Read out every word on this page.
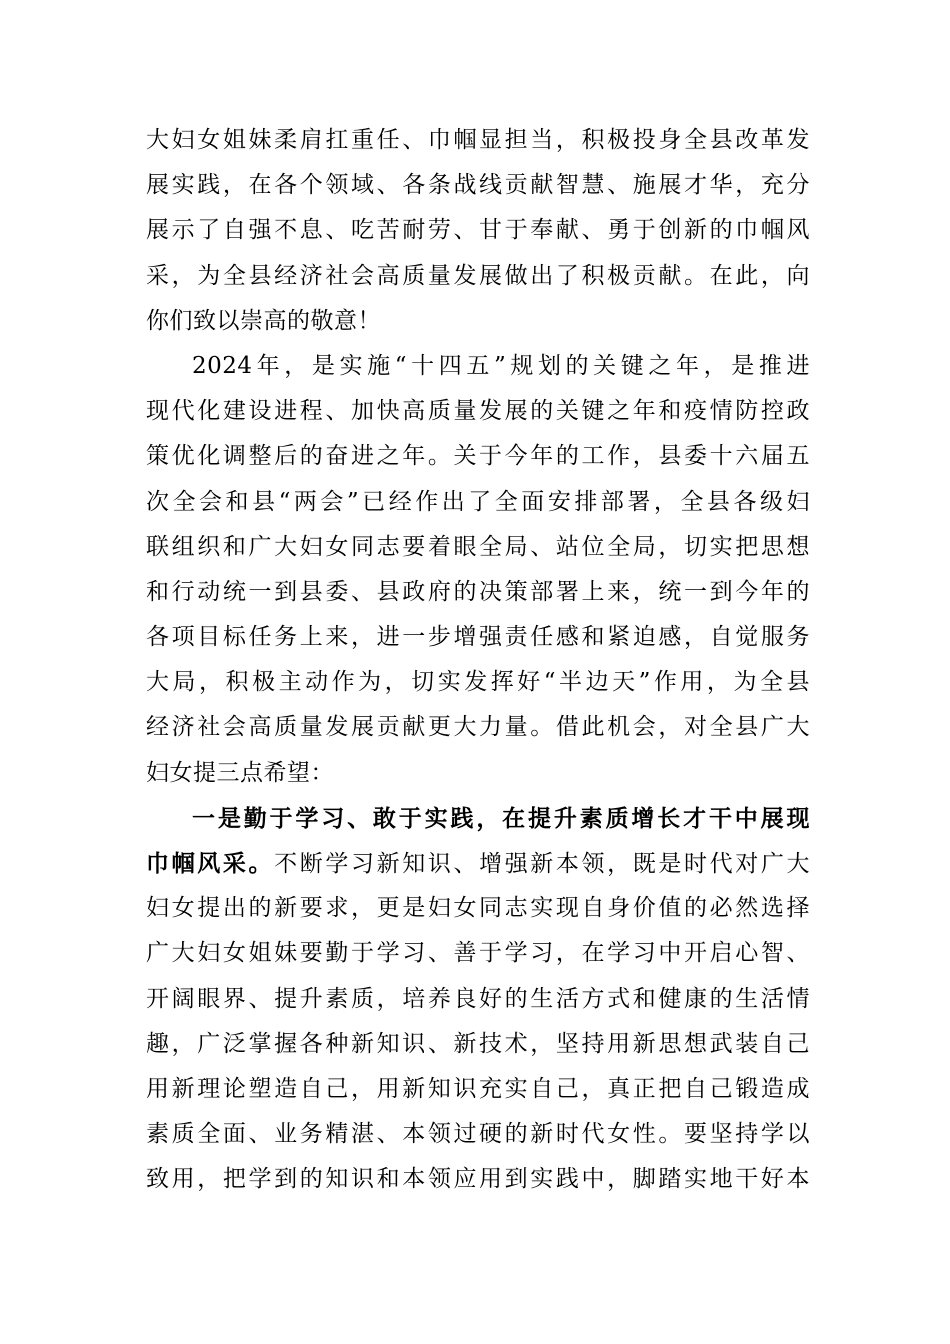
大妇女姐妹柔肩扛重任、巾帼显担当，积极投身全县改革发
展实践，在各个领域、各条战线贡献智慧、施展才华，充分
展示了自强不息、吃苦耐劳、甘于奉献、勇于创新的巾帼风
采，为全县经济社会高质量发展做出了积极贡献。在此，向
你们致以崇高的敬意！
2024年，是实施“十四五”规划的关键之年，是推进
现代化建设进程、加快高质量发展的关键之年和疫情防控政
策优化调整后的奋进之年。关于今年的工作，县委十六届五
次全会和县“两会”已经作出了全面安排部署，全县各级妇
联组织和广大妇女同志要着眼全局、站位全局，切实把思想
和行动统一到县委、县政府的决策部署上来，统一到今年的
各项目标任务上来，进一步增强责任感和紧迫感，自觉服务
大局，积极主动作为，切实发挥好“半边天”作用，为全县
经济社会高质量发展贡献更大力量。借此机会，对全县广大
妇女提三点希望：
一是勤于学习、敢于实践，在提升素质增长才干中展现
巾帼风采。不断学习新知识、增强新本领，既是时代对广大
妇女提出的新要求，更是妇女同志实现自身价值的必然选择
广大妇女姐妹要勤于学习、善于学习，在学习中开启心智、
开阔眼界、提升素质，培养良好的生活方式和健康的生活情
趣，广泛掌握各种新知识、新技术，坚持用新思想武装自己
用新理论塑造自己，用新知识充实自己，真正把自己锻造成
素质全面、业务精湛、本领过硬的新时代女性。要坚持学以
致用，把学到的知识和本领应用到实践中，脚踏实地干好本
